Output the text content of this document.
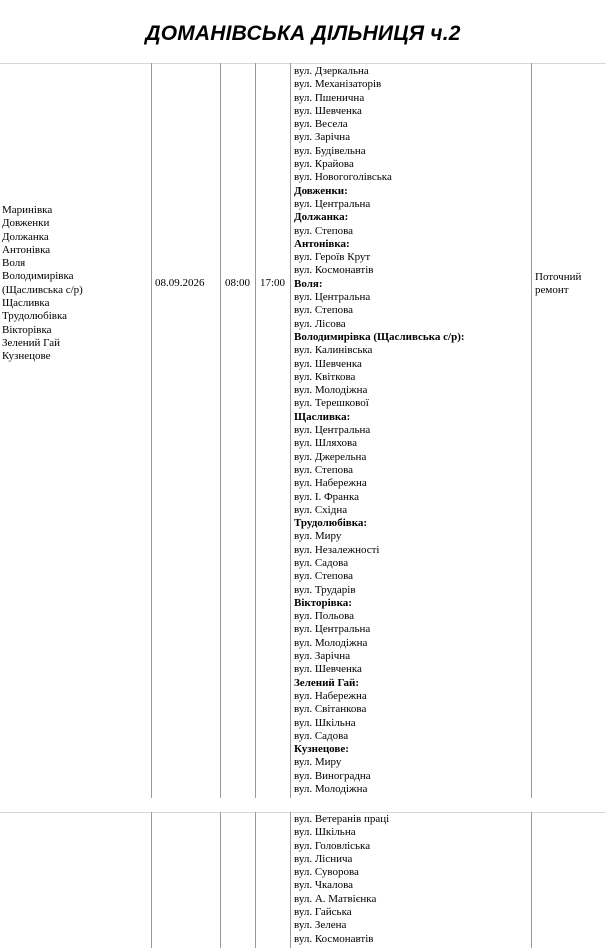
ДОМАНІВСЬКА ДІЛЬНИЦЯ ч.2
Маринівка
Довженки
Должанка
Антонівка
Воля
Володимирівка
(Щасливська с/р)
Щасливка
Трудолюбівка
Вікторівка
Зелений Гай
Кузнецове
08.09.2026 08:00 17:00
вул. Дзеркальна
вул. Механізаторів
вул. Пшенична
вул. Шевченка
вул. Весела
вул. Зарічна
вул. Будівельна
вул. Крайова
вул. Новогоголівська
Довженки:
вул. Центральна
Должанка:
вул. Степова
Антонівка:
вул. Героїв Крут
вул. Космонавтів
Воля:
вул. Центральна
вул. Степова
вул. Лісова
Володимирівка (Щасливська с/р):
вул. Калинівська
вул. Шевченка
вул. Квіткова
вул. Молодіжна
вул. Терешкової
Щасливка:
вул. Центральна
вул. Шляхова
вул. Джерельна
вул. Степова
вул. Набережна
вул. І. Франка
вул. Східна
Трудолюбівка:
вул. Миру
вул. Незалежності
вул. Садова
вул. Степова
вул. Трударів
Вікторівка:
вул. Польова
вул. Центральна
вул. Молодіжна
вул. Зарічна
вул. Шевченка
Зелений Гай:
вул. Набережна
вул. Світанкова
вул. Шкільна
вул. Садова
Кузнецове:
вул. Миру
вул. Виноградна
вул. Молодіжна
Поточний
ремонт
вул. Ветеранів праці
вул. Шкільна
вул. Головліська
вул. Ліснича
вул. Суворова
вул. Чкалова
вул. А. Матвієнка
вул. Гайська
вул. Зелена
вул. Космонавтів
